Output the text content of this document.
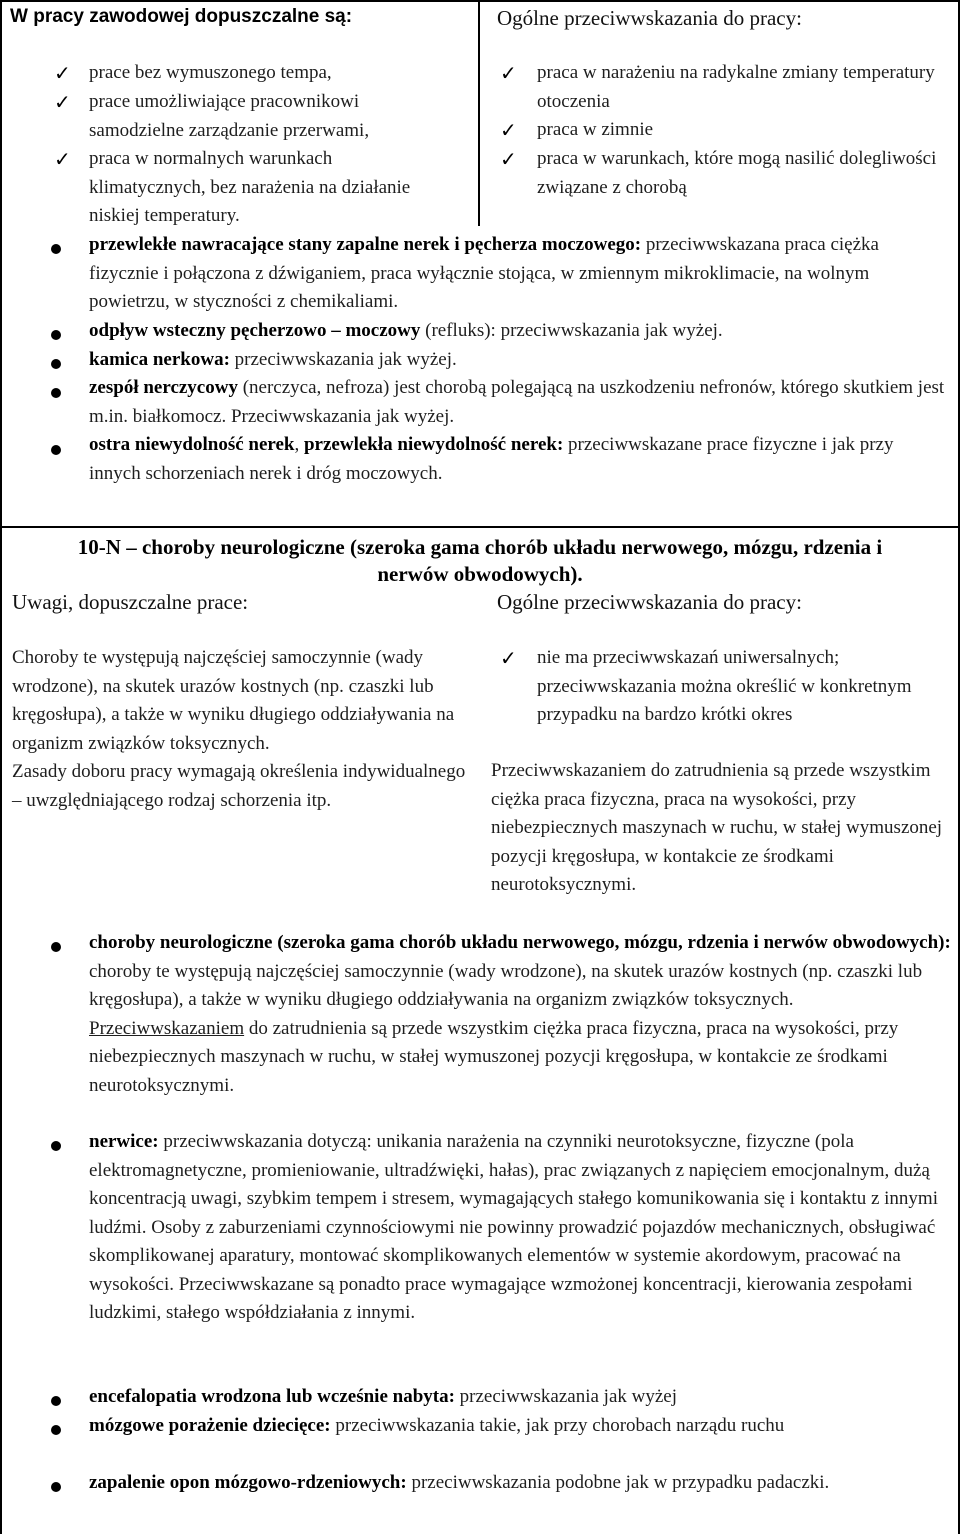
W pracy zawodowej dopuszczalne są:	Ogólne przeciwwskazania do pracy:
✓ prace bez wymuszonego tempa,
✓ prace umożliwiające pracownikowi samodzielne zarządzanie przerwami,
✓ praca w normalnych warunkach klimatycznych, bez narażenia na działanie niskiej temperatury.
✓ praca w narażeniu na radykalne zmiany temperatury otoczenia
✓ praca w zimnie
✓ praca w warunkach, które mogą nasilić dolegliwości związane z chorobą
przewlekłe nawracające stany zapalne nerek i pęcherza moczowego: przeciwwskazana praca ciężka fizycznie i połączona z dźwiganiem, praca wyłącznie stojąca, w zmiennym mikroklimacie, na wolnym powietrzu, w styczności z chemikaliami.
odpływ wsteczny pęcherzowo – moczowy (refluks): przeciwwskazania jak wyżej.
kamica nerkowa: przeciwwskazania jak wyżej.
zespół nerczycowy (nerczyca, nefroza) jest chorobą polegającą na uszkodzeniu nefronów, którego skutkiem jest m.in. białkomocz. Przeciwwskazania jak wyżej.
ostra niewydolność nerek, przewlekła niewydolność nerek: przeciwwskazane prace fizyczne i jak przy innych schorzeniach nerek i dróg moczowych.
10-N – choroby neurologiczne (szeroka gama chorób układu nerwowego, mózgu, rdzenia i nerwów obwodowych).
Uwagi, dopuszczalne prace:	Ogólne przeciwwskazania do pracy:
Choroby te występują najczęściej samoczynnie (wady wrodzone), na skutek urazów kostnych (np. czaszki lub kręgosłupa), a także w wyniku długiego oddziaływania na organizm związków toksycznych.
Zasady doboru pracy wymagają określenia indywidualnego – uwzględniającego rodzaj schorzenia itp.
✓ nie ma przeciwwskazań uniwersalnych; przeciwwskazania można określić w konkretnym przypadku na bardzo krótki okres
Przeciwwskazaniem do zatrudnienia są przede wszystkim ciężka praca fizyczna, praca na wysokości, przy niebezpiecznych maszynach w ruchu, w stałej wymuszonej pozycji kręgosłupa, w kontakcie ze środkami neurotoksycznymi.
choroby neurologiczne (szeroka gama chorób układu nerwowego, mózgu, rdzenia i nerwów obwodowych): choroby te występują najczęściej samoczynnie (wady wrodzone), na skutek urazów kostnych (np. czaszki lub kręgosłupa), a także w wyniku długiego oddziaływania na organizm związków toksycznych. Przeciwwskazaniem do zatrudnienia są przede wszystkim ciężka praca fizyczna, praca na wysokości, przy niebezpiecznych maszynach w ruchu, w stałej wymuszonej pozycji kręgosłupa, w kontakcie ze środkami neurotoksycznymi.
nerwice: przeciwwskazania dotyczą: unikania narażenia na czynniki neurotoksyczne, fizyczne (pola elektromagnetyczne, promieniowanie, ultradźwięki, hałas), prac związanych z napięciem emocjonalnym, dużą koncentracją uwagi, szybkim tempem i stresem, wymagających stałego komunikowania się i kontaktu z innymi ludźmi. Osoby z zaburzeniami czynnościowymi nie powinny prowadzić pojazdów mechanicznych, obsługiwać skomplikowanej aparatury, montować skomplikowanych elementów w systemie akordowym, pracować na wysokości. Przeciwwskazane są ponadto prace wymagające wzmożonej koncentracji, kierowania zespołami ludzkimi, stałego współdziałania z innymi.
encefalopatia wrodzona lub wcześnie nabyta: przeciwwskazania jak wyżej
mózgowe porażenie dziecięce: przeciwwskazania takie, jak przy chorobach narządu ruchu
zapalenie opon mózgowo-rdzeniowych: przeciwwskazania podobne jak w przypadku padaczki.
